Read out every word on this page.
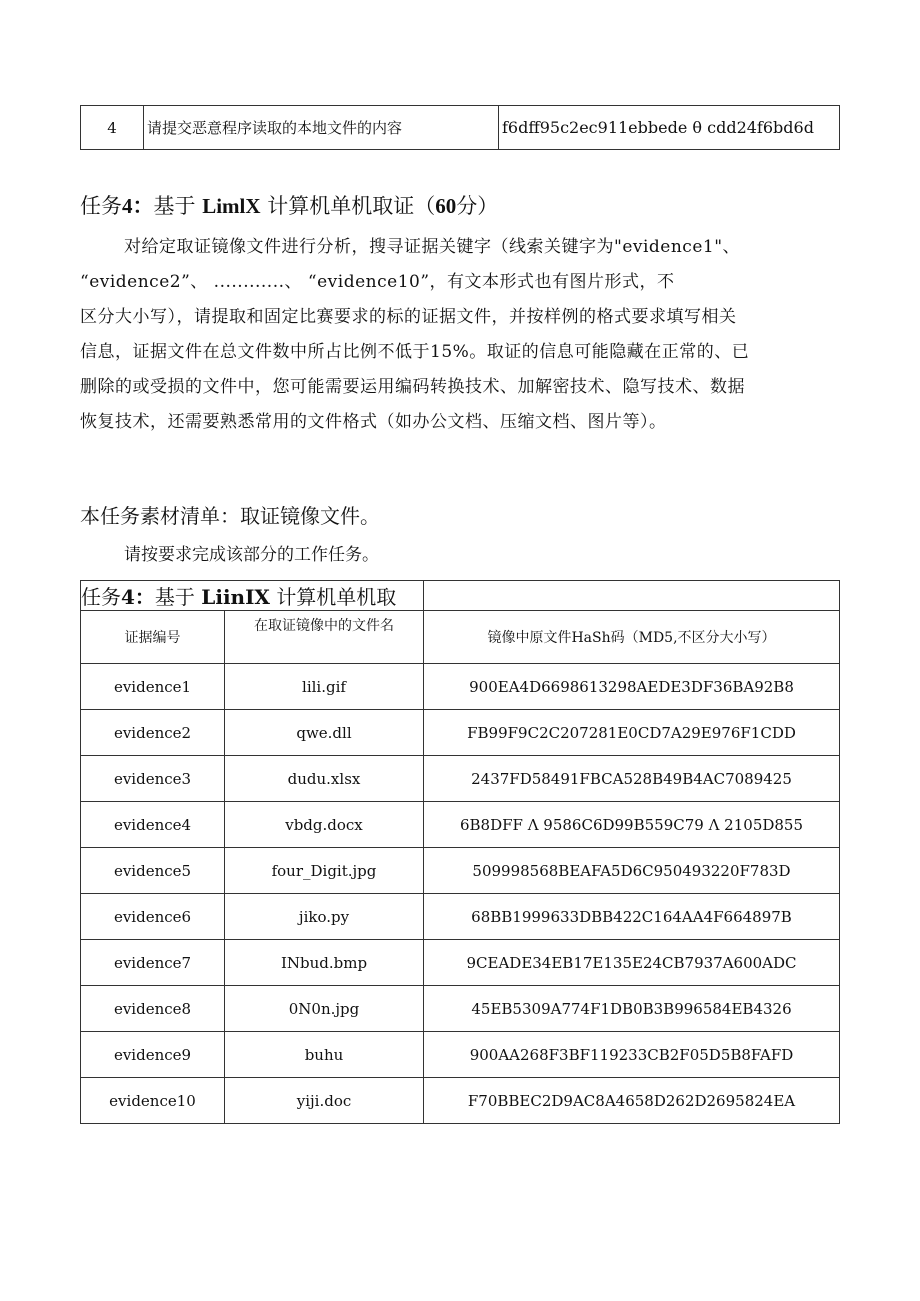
4	请提交恶意程序读取的本地文件的内容	f6dff95c2ec911ebbede θ cdd24f6bd6d
任务4：基于 LimlX 计算机单机取证（60分）

对给定取证镜像文件进行分析，搜寻证据关键字（线索关键字为"evidence1"、

“evidence2”、 ............、 “evidence10”，有文本形式也有图片形式，不

区分大小写），请提取和固定比赛要求的标的证据文件，并按样例的格式要求填写相关

信息，证据文件在总文件数中所占比例不低于15%。取证的信息可能隐藏在正常的、已

删除的或受损的文件中，您可能需要运用编码转换技术、加解密技术、隐写技术、数据

恢复技术，还需要熟悉常用的文件格式（如办公文档、压缩文档、图片等）。

本任务素材清单：取证镜像文件。
请按要求完成该部分的工作任务。
任务4：基于 LiinIX 计算机单机取		
证据编号	在取证镜像中的文件名	镜像中原文件HaSh码（MD5,不区分大小写）
evidence1	lili.gif	900EA4D6698613298AEDE3DF36BA92B8
evidence2	qwe.dll	FB99F9C2C207281E0CD7A29E976F1CDD
evidence3	dudu.xlsx	2437FD58491FBCA528B49B4AC7089425
evidence4	vbdg.docx	6B8DFF Λ 9586C6D99B559C79 Λ 2105D855
evidence5	four_Digit.jpg	509998568BEAFA5D6C950493220F783D
evidence6	jiko.py	68BB1999633DBB422C164AA4F664897B
evidence7	INbud.bmp	9CEADE34EB17E135E24CB7937A600ADC
evidence8	0N0n.jpg	45EB5309A774F1DB0B3B996584EB4326
evidence9	buhu	900AA268F3BF119233CB2F05D5B8FAFD
evidence10	yiji.doc	F70BBEC2D9AC8A4658D262D2695824EA
